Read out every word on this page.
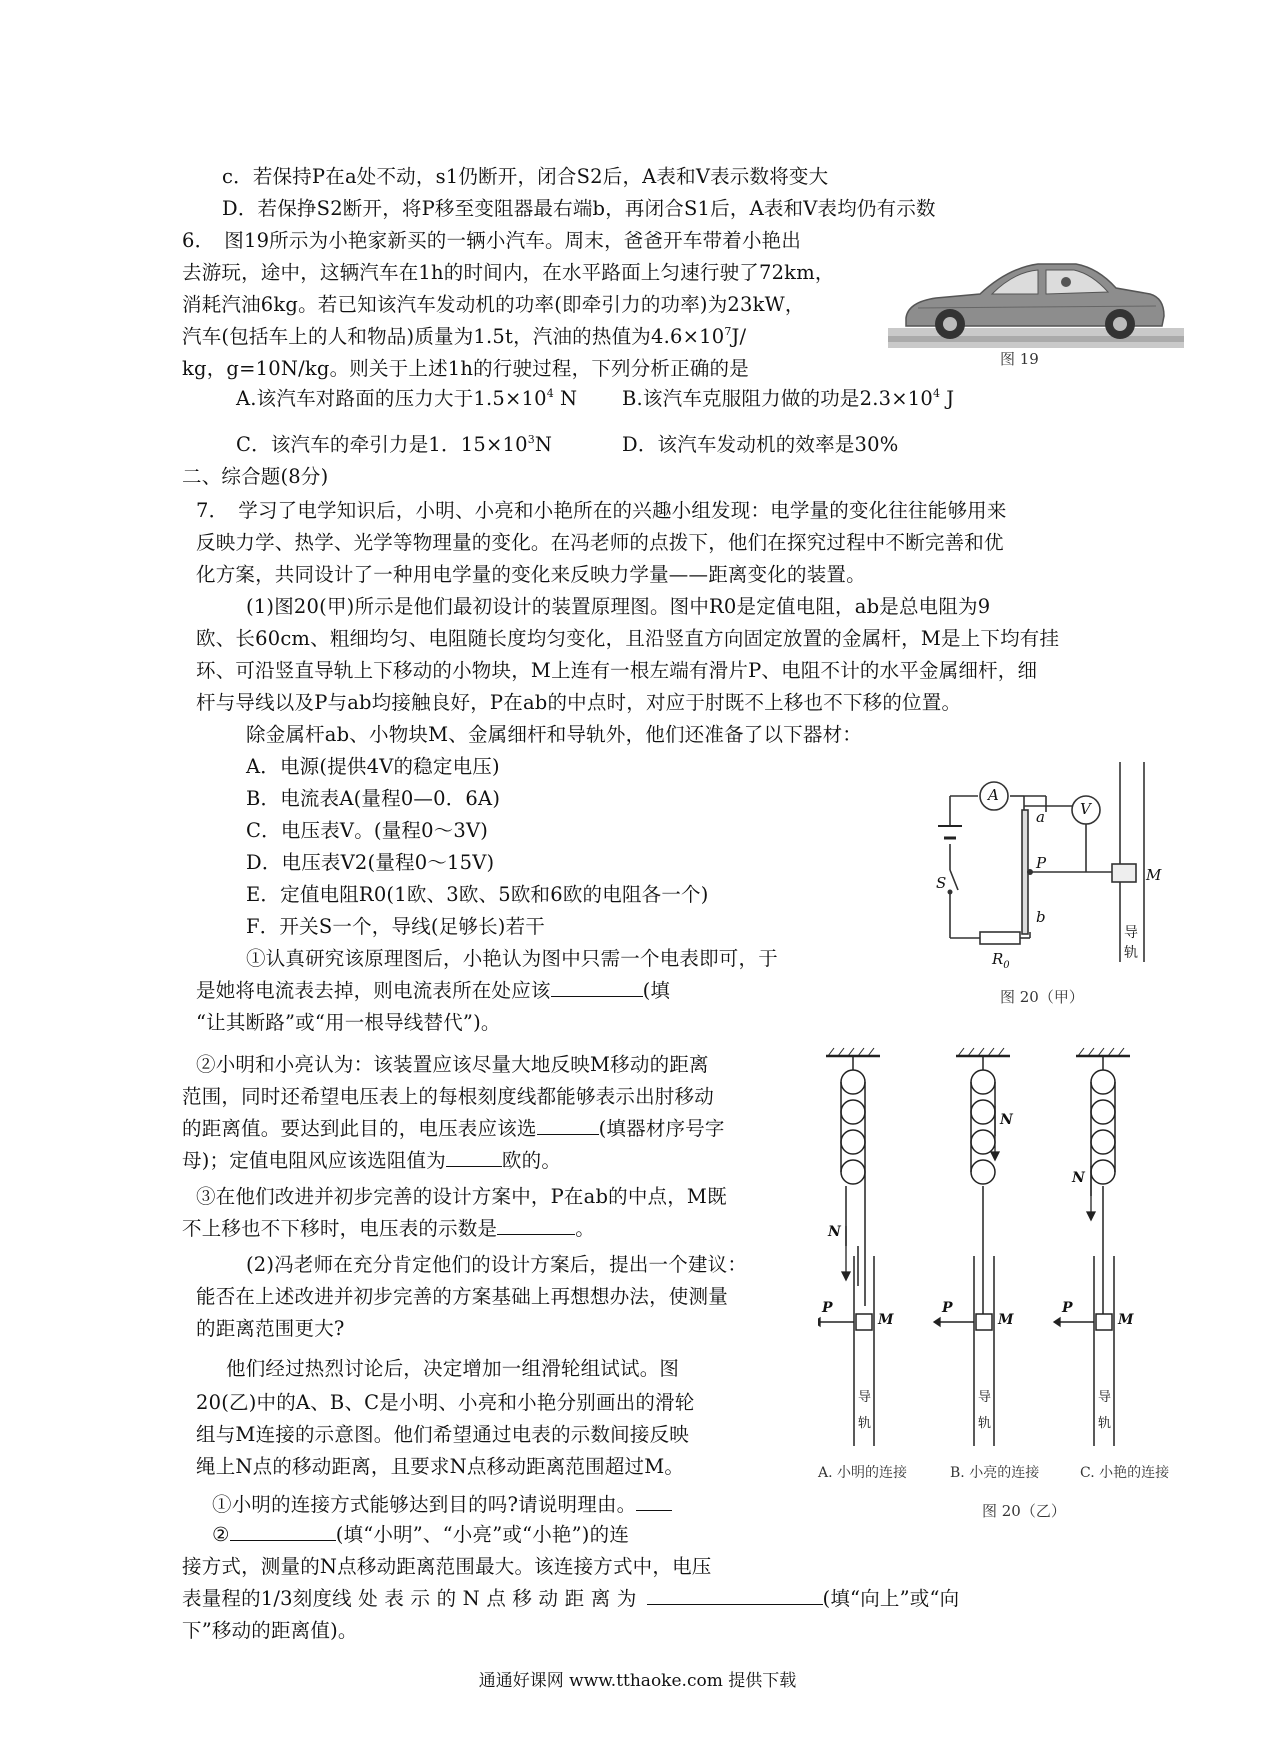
c．若保持P在a处不动，s1仍断开，闭合S2后，A表和V表示数将变大
D．若保挣S2断开，将P移至变阻器最右端b，再闭合S1后，A表和V表均仍有示数
6．　图19所示为小艳家新买的一辆小汽车。周末，爸爸开车带着小艳出
去游玩，途中，这辆汽车在1h的时间内，在水平路面上匀速行驶了72km，
消耗汽油6kg。若已知该汽车发动机的功率(即牵引力的功率)为23kW，
汽车(包括车上的人和物品)质量为1.5t，汽油的热值为$4.6\times 10^7J/$
kg，g=10N/kg。则关于上述1h的行驶过程，下列分析正确的是	图 19
A.该汽车对路面的压力大于$1.5\times 10^4$ N B.该汽车克服阻力做的功是$2.3\times 10^4$ J
C．该汽车的牵引力是1．$15\times 10^3N$	D．该汽车发动机的效率是30%
二、综合题(8分)
7．　学习了电学知识后，小明、小亮和小艳所在的兴趣小组发现：电学量的变化往往能够用来
反映力学、热学、光学等物理量的变化。在冯老师的点拨下，他们在探究过程中不断完善和优
化方案，共同设计了一种用电学量的变化来反映力学量——距离变化的装置。
(1)图20(甲)所示是他们最初设计的装置原理图。图中R0是定值电阻，ab是总电阻为9
欧、长60cm、粗细均匀、电阻随长度均匀变化，且沿竖直方向固定放置的金属杆，M是上下均有挂
环、可沿竖直导轨上下移动的小物块，M上连有一根左端有滑片P、电阻不计的水平金属细杆，细
杆与导线以及P与ab均接触良好，P在ab的中点时，对应于肘既不上移也不下移的位置。
除金属杆ab、小物块M、金属细杆和导轨外，他们还准备了以下器材：
A．电源(提供4V的稳定电压)
B．电流表A(量程0—0．6A)
C．电压表V。(量程0～3V)
D．电压表V2(量程0～15V)
E．定值电阻R0(1欧、3欧、5欧和6欧的电阻各一个)
F．开关S一个，导线(足够长)若干
A
V
a
P
b
S	M
$R_0$
导
轨
图 20（甲）
①认真研究该原理图后，小艳认为图中只需一个电表即可，于
是她将电流表去掉，则电流表所在处应该	(填
“让其断路”或“用一根导线替代”)。
②小明和小亮认为：该装置应该尽量大地反映M移动的距离
范围，同时还希望电压表上的每根刻度线都能够表示出肘移动
的距离值。要达到此目的，电压表应该选	(填器材序号字
母)；定值电阻风应该选阻值为	欧的。
③在他们改进并初步完善的设计方案中，P在ab的中点，M既
不上移也不下移时，电压表的示数是	。
(2)冯老师在充分肯定他们的设计方案后，提出一个建议：
能否在上述改进并初步完善的方案基础上再想想办法，使测量
的距离范围更大?
他们经过热烈讨论后，决定增加一组滑轮组试试。图
20(乙)中的A、B、C是小明、小亮和小艳分别画出的滑轮
组与M连接的示意图。他们希望通过电表的示数间接反映
绳上N点的移动距离，且要求N点移动距离范围超过M。
①小明的连接方式能够达到目的吗?请说明理由。
②	(填“小明”、“小亮”或“小艳”)的连
接方式，测量的N点移动距离范围最大。该连接方式中，电压
表量程的1/3刻度线 处 表 示 的 N 点 移 动 距 离 为	(填“向上”或“向
下”移动的距离值)。
N
N
N
P	P	P
M	M	M
导
轨
导
轨
导
轨
A. 小明的连接	B. 小亮的连接	C. 小艳的连接
图 20（乙）
通通好课网 www.tthaoke.com 提供下载
